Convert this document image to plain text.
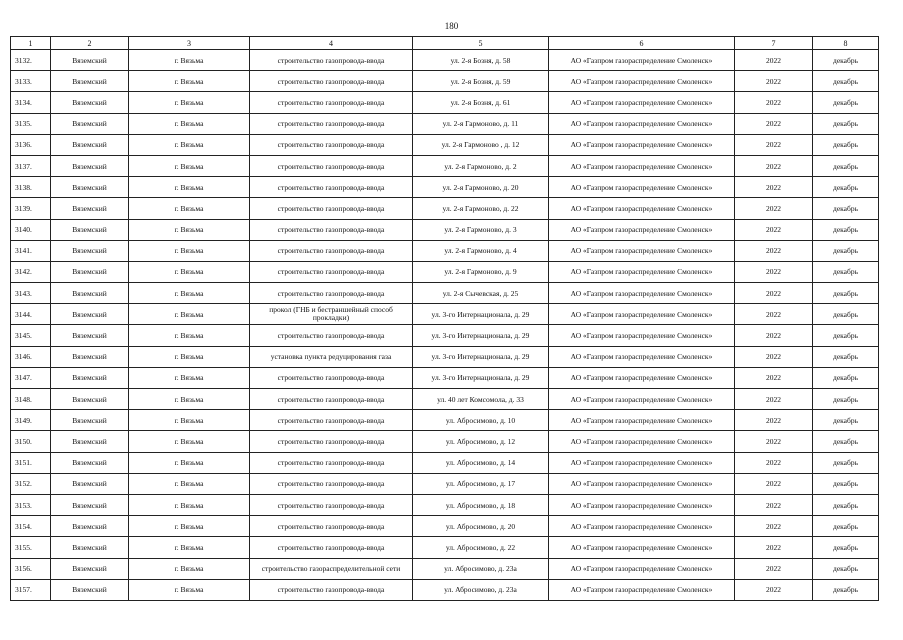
180
1	2	3	4	5	6	7	8
3132.	Вяземский	г. Вязьма	строительство газопровода-ввода	ул. 2-я Бозня, д. 58	АО «Газпром газораспределение Смоленск»	2022	декабрь
3133.	Вяземский	г. Вязьма	строительство газопровода-ввода	ул. 2-я Бозня, д. 59	АО «Газпром газораспределение Смоленск»	2022	декабрь
3134.	Вяземский	г. Вязьма	строительство газопровода-ввода	ул. 2-я Бозня, д. 61	АО «Газпром газораспределение Смоленск»	2022	декабрь
3135.	Вяземский	г. Вязьма	строительство газопровода-ввода	ул. 2-я Гармоново, д. 11	АО «Газпром газораспределение Смоленск»	2022	декабрь
3136.	Вяземский	г. Вязьма	строительство газопровода-ввода	ул. 2-я Гармоново , д. 12	АО «Газпром газораспределение Смоленск»	2022	декабрь
3137.	Вяземский	г. Вязьма	строительство газопровода-ввода	ул. 2-я Гармоново, д. 2	АО «Газпром газораспределение Смоленск»	2022	декабрь
3138.	Вяземский	г. Вязьма	строительство газопровода-ввода	ул. 2-я Гармоново, д. 20	АО «Газпром газораспределение Смоленск»	2022	декабрь
3139.	Вяземский	г. Вязьма	строительство газопровода-ввода	ул. 2-я Гармоново, д. 22	АО «Газпром газораспределение Смоленск»	2022	декабрь
3140.	Вяземский	г. Вязьма	строительство газопровода-ввода	ул. 2-я Гармоново, д. 3	АО «Газпром газораспределение Смоленск»	2022	декабрь
3141.	Вяземский	г. Вязьма	строительство газопровода-ввода	ул. 2-я Гармоново, д. 4	АО «Газпром газораспределение Смоленск»	2022	декабрь
3142.	Вяземский	г. Вязьма	строительство газопровода-ввода	ул. 2-я Гармоново, д. 9	АО «Газпром газораспределение Смоленск»	2022	декабрь
3143.	Вяземский	г. Вязьма	строительство газопровода-ввода	ул. 2-я Сычевская, д. 25	АО «Газпром газораспределение Смоленск»	2022	декабрь
3144.	Вяземский	г. Вязьма	прокол (ГНБ и бестраншейный способ прокладки)	ул. 3-го Интернационала, д. 29	АО «Газпром газораспределение Смоленск»	2022	декабрь
3145.	Вяземский	г. Вязьма	строительство газопровода-ввода	ул. 3-го Интернационала, д. 29	АО «Газпром газораспределение Смоленск»	2022	декабрь
3146.	Вяземский	г. Вязьма	установка пункта редуцирования газа	ул. 3-го Интернационала, д. 29	АО «Газпром газораспределение Смоленск»	2022	декабрь
3147.	Вяземский	г. Вязьма	строительство газопровода-ввода	ул. 3-го Интернационала, д. 29	АО «Газпром газораспределение Смоленск»	2022	декабрь
3148.	Вяземский	г. Вязьма	строительство газопровода-ввода	ул. 40 лет Комсомола, д. 33	АО «Газпром газораспределение Смоленск»	2022	декабрь
3149.	Вяземский	г. Вязьма	строительство газопровода-ввода	ул. Абросимово, д. 10	АО «Газпром газораспределение Смоленск»	2022	декабрь
3150.	Вяземский	г. Вязьма	строительство газопровода-ввода	ул. Абросимово, д. 12	АО «Газпром газораспределение Смоленск»	2022	декабрь
3151.	Вяземский	г. Вязьма	строительство газопровода-ввода	ул. Абросимово, д. 14	АО «Газпром газораспределение Смоленск»	2022	декабрь
3152.	Вяземский	г. Вязьма	строительство газопровода-ввода	ул. Абросимово, д. 17	АО «Газпром газораспределение Смоленск»	2022	декабрь
3153.	Вяземский	г. Вязьма	строительство газопровода-ввода	ул. Абросимово, д. 18	АО «Газпром газораспределение Смоленск»	2022	декабрь
3154.	Вяземский	г. Вязьма	строительство газопровода-ввода	ул. Абросимово, д. 20	АО «Газпром газораспределение Смоленск»	2022	декабрь
3155.	Вяземский	г. Вязьма	строительство газопровода-ввода	ул. Абросимово, д. 22	АО «Газпром газораспределение Смоленск»	2022	декабрь
3156.	Вяземский	г. Вязьма	строительство газораспределительной сети	ул. Абросимово, д. 23а	АО «Газпром газораспределение Смоленск»	2022	декабрь
3157.	Вяземский	г. Вязьма	строительство газопровода-ввода	ул. Абросимово, д. 23а	АО «Газпром газораспределение Смоленск»	2022	декабрь
